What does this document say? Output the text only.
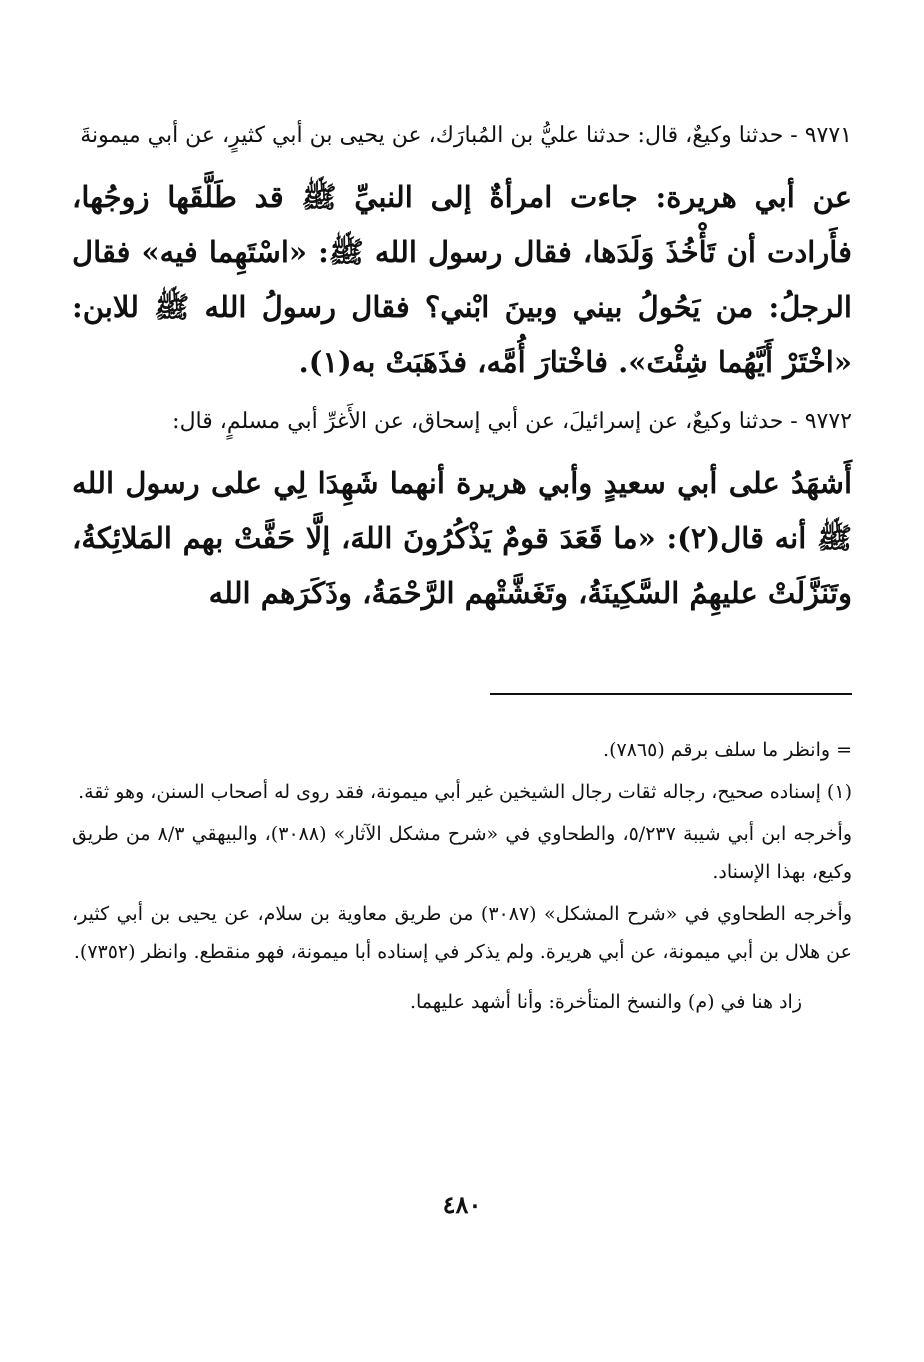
٩٧٧١ - حدثنا وكيعٌ، قال: حدثنا عليُّ بن المُبارَك، عن يحيى بن أبي كثيرٍ، عن أبي ميمونةَ

عن أبي هريرة: جاءت امرأةٌ إلى النبيِّ ﷺ قد طَلَّقَها زوجُها، فأَرادت أن تَأْخُذَ وَلَدَها، فقال رسول الله ﷺ: «اسْتَهِما فيه» فقال الرجلُ: من يَحُولُ بيني وبينَ ابْني؟ فقال رسولُ الله ﷺ للابن: «اخْتَرْ أَيَّهُما شِئْتَ». فاخْتارَ أُمَّه، فذَهَبَتْ به(١).

٩٧٧٢ - حدثنا وكيعٌ، عن إسرائيلَ، عن أبي إسحاق، عن الأَغرِّ أبي مسلمٍ، قال:

أَشهَدُ على أبي سعيدٍ وأبي هريرة أنهما شَهِدَا لِي على رسول الله ﷺ أنه قال(٢): «ما قَعَدَ قومٌ يَذْكُرُونَ اللهَ، إلَّا حَفَّتْ بهم المَلائِكةُ، وتَنَزَّلَتْ عليهِمُ السَّكِينَةُ، وتَغَشَّتْهم الرَّحْمَةُ، وذَكَرَهم الله

= وانظر ما سلف برقم (٧٨٦٥).

(١) إسناده صحيح، رجاله ثقات رجال الشيخين غير أبي ميمونة، فقد روى له أصحاب السنن، وهو ثقة.

وأخرجه ابن أبي شيبة ٥/٢٣٧، والطحاوي في «شرح مشكل الآثار» (٣٠٨٨)، والبيهقي ٨/٣ من طريق وكيع، بهذا الإسناد.

وأخرجه الطحاوي في «شرح المشكل» (٣٠٨٧) من طريق معاوية بن سلام، عن يحيى بن أبي كثير، عن هلال بن أبي ميمونة، عن أبي هريرة. ولم يذكر في إسناده أبا ميمونة، فهو منقطع. وانظر (٧٣٥٢).

زاد هنا في (م) والنسخ المتأخرة: وأنا أشهد عليهما.

٤٨٠
